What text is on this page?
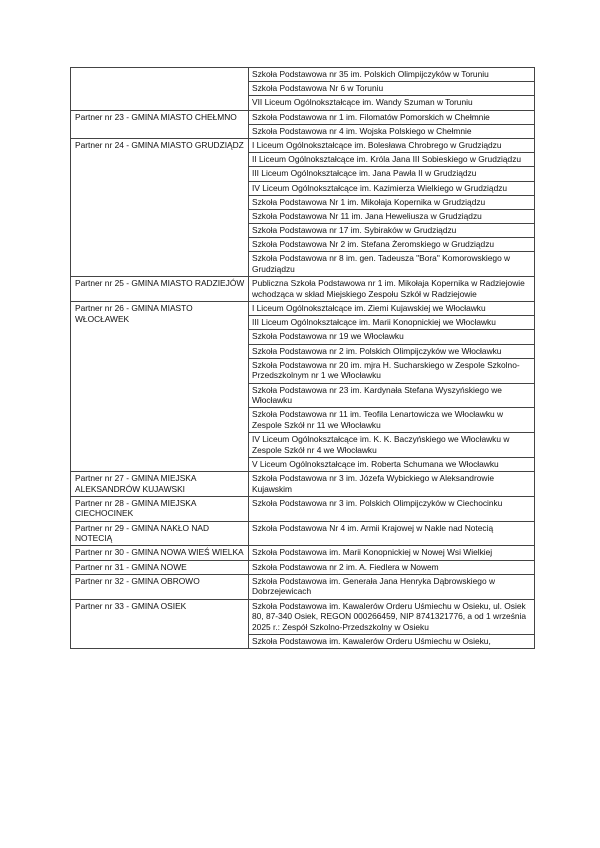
	Szkoła Podstawowa nr 35 im. Polskich Olimpijczyków w Toruniu
	Szkoła Podstawowa Nr 6 w Toruniu
	VII Liceum Ogólnokształcące im. Wandy Szuman w Toruniu
Partner nr 23 - GMINA MIASTO CHEŁMNO	Szkoła Podstawowa nr 1 im. Filomatów Pomorskich w Chełmnie
	Szkoła Podstawowa nr 4 im. Wojska Polskiego w Chełmnie
Partner nr 24 - GMINA MIASTO GRUDZIĄDZ	I Liceum Ogólnokształcące im. Bolesława Chrobrego w Grudziądzu
	II Liceum Ogólnokształcące im. Króla Jana III Sobieskiego w Grudziądzu
	III Liceum Ogólnokształcące im. Jana Pawła II w Grudziądzu
	IV Liceum Ogólnokształcące im. Kazimierza Wielkiego w Grudziądzu
	Szkoła Podstawowa Nr 1 im. Mikołaja Kopernika w Grudziądzu
	Szkoła Podstawowa Nr 11 im. Jana Heweliusza w Grudziądzu
	Szkoła Podstawowa nr 17 im. Sybiraków w Grudziądzu
	Szkoła Podstawowa Nr 2 im. Stefana Żeromskiego w Grudziądzu
	Szkoła Podstawowa nr 8 im. gen. Tadeusza "Bora" Komorowskiego w Grudziądzu
Partner nr 25 - GMINA MIASTO RADZIEJÓW	Publiczna Szkoła Podstawowa nr 1 im. Mikołaja Kopernika w Radziejowie wchodząca w skład Miejskiego Zespołu Szkół w Radziejowie
Partner nr 26 - GMINA MIASTO WŁOCŁAWEK	I Liceum Ogólnokształcące im. Ziemi Kujawskiej we Włocławku
	III Liceum Ogólnokształcące im. Marii Konopnickiej we Włocławku
	Szkoła Podstawowa nr 19 we Włocławku
	Szkoła Podstawowa nr 2 im. Polskich Olimpijczyków we Włocławku
	Szkoła Podstawowa nr 20 im. mjra H. Sucharskiego w Zespole Szkolno-Przedszkolnym nr 1 we Włocławku
	Szkoła Podstawowa nr 23 im. Kardynała Stefana Wyszyńskiego we Włocławku
	Szkoła Podstawowa nr 11 im. Teofila Lenartowicza we Włocławku w Zespole Szkół nr 11 we Włocławku
	IV Liceum Ogólnokształcące im. K. K. Baczyńskiego we Włocławku w Zespole Szkół nr 4 we Włocławku
	V Liceum Ogólnokształcące im. Roberta Schumana we Włocławku
Partner nr 27 - GMINA MIEJSKA ALEKSANDRÓW KUJAWSKI	Szkoła Podstawowa nr 3 im. Józefa Wybickiego w Aleksandrowie Kujawskim
Partner nr 28 - GMINA MIEJSKA CIECHOCINEK	Szkoła Podstawowa nr 3 im. Polskich Olimpijczyków w Ciechocinku
Partner nr 29 - GMINA NAKŁO NAD NOTECIĄ	Szkoła Podstawowa Nr 4 im. Armii Krajowej w Nakle nad Notecią
Partner nr 30 - GMINA NOWA WIEŚ WIELKA	Szkoła Podstawowa im. Marii Konopnickiej w Nowej Wsi Wielkiej
Partner nr 31 - GMINA NOWE	Szkoła Podstawowa nr 2 im. A. Fiedlera w Nowem
Partner nr 32 - GMINA OBROWO	Szkoła Podstawowa im. Generała Jana Henryka Dąbrowskiego w Dobrzejewicach
Partner nr 33 - GMINA OSIEK	Szkoła Podstawowa im. Kawalerów Orderu Uśmiechu w Osieku, ul. Osiek 80, 87-340 Osiek, REGON 000266459, NIP 8741321776, a od 1 września 2025 r.: Zespół Szkolno-Przedszkolny w Osieku
	Szkoła Podstawowa im. Kawalerów Orderu Uśmiechu w Osieku,
